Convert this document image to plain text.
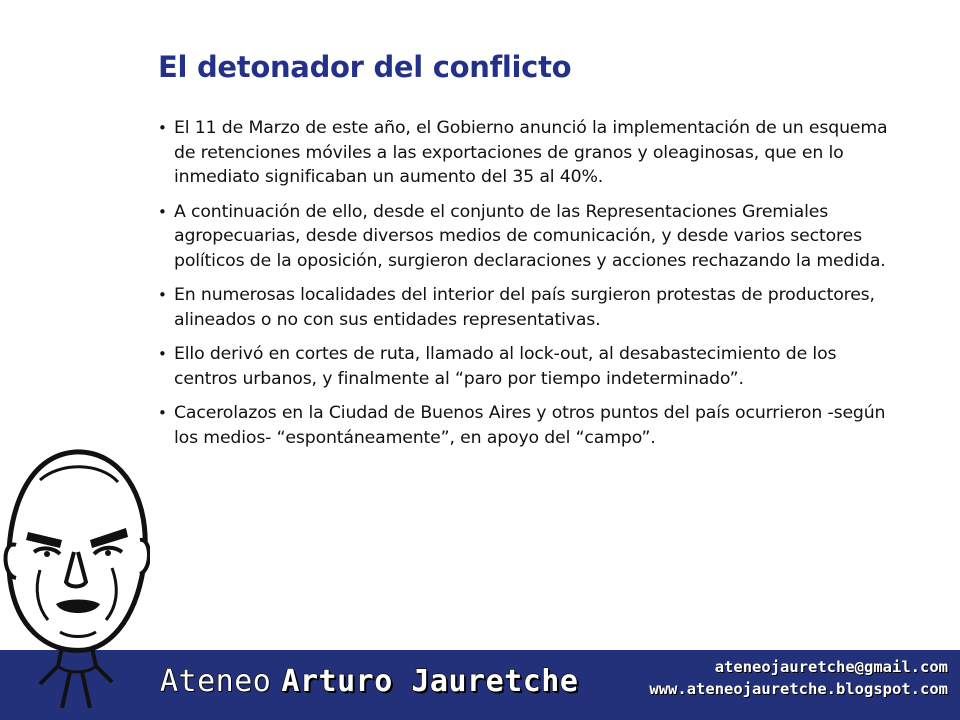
El detonador del conflicto
• El 11 de Marzo de este año, el Gobierno anunció la implementación de un esquema de retenciones móviles a las exportaciones de granos y oleaginosas, que en lo inmediato significaban un aumento del 35 al 40%.
• A continuación de ello, desde el conjunto de las Representaciones Gremiales agropecuarias, desde diversos medios de comunicación, y desde varios sectores políticos de la oposición, surgieron declaraciones y acciones rechazando la medida.
• En numerosas localidades del interior del país surgieron protestas de productores, alineados o no con sus entidades representativas.
• Ello derivó en cortes de ruta, llamado al lock-out, al desabastecimiento de los centros urbanos, y finalmente al “paro por tiempo indeterminado”.
• Cacerolazos en la Ciudad de Buenos Aires y otros puntos del país ocurrieron -según los medios- “espontáneamente”, en apoyo del “campo”.
Ateneo Arturo Jauretche	ateneojauretche@gmail.com
www.ateneojauretche.blogspot.com
